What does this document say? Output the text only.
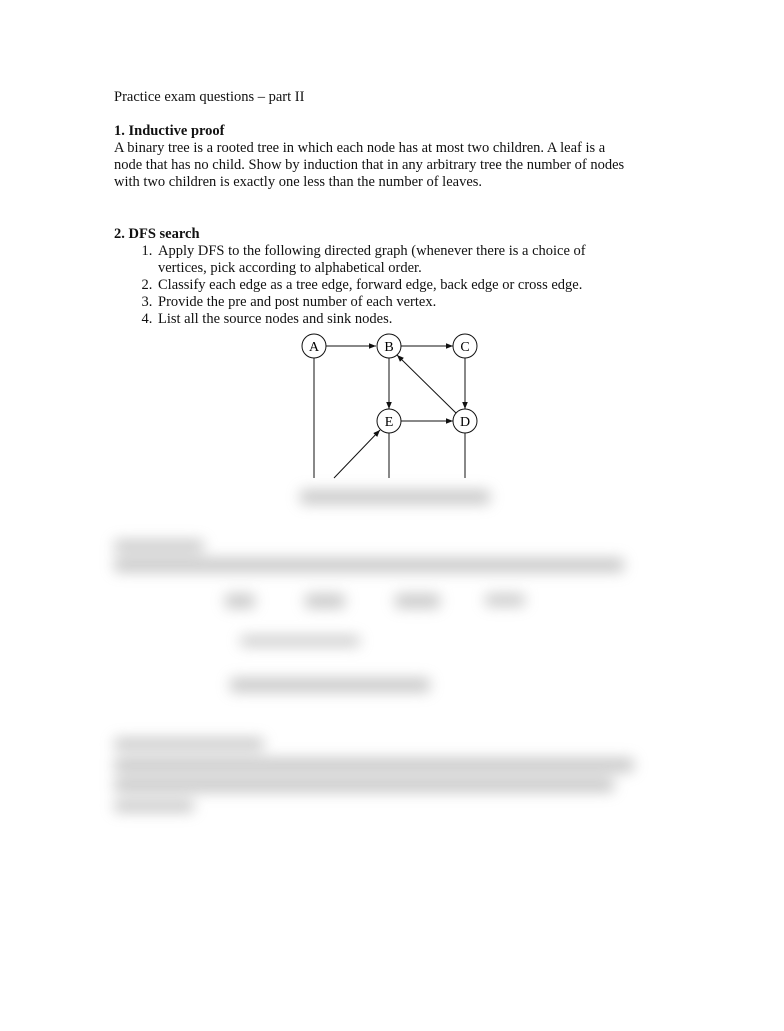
Practice exam questions – part II
1. Inductive proof

A binary tree is a rooted tree in which each node has at most two children. A leaf is a node that has no child. Show by induction that in any arbitrary tree the number of nodes with two children is exactly one less than the number of leaves.

2. DFS search
1. Apply DFS to the following directed graph (whenever there is a choice of vertices, pick according to alphabetical order.
2. Classify each edge as a tree edge, forward edge, back edge or cross edge.
3. Provide the pre and post number of each vertex.
4. List all the source nodes and sink nodes.
A	B	C
E	D
